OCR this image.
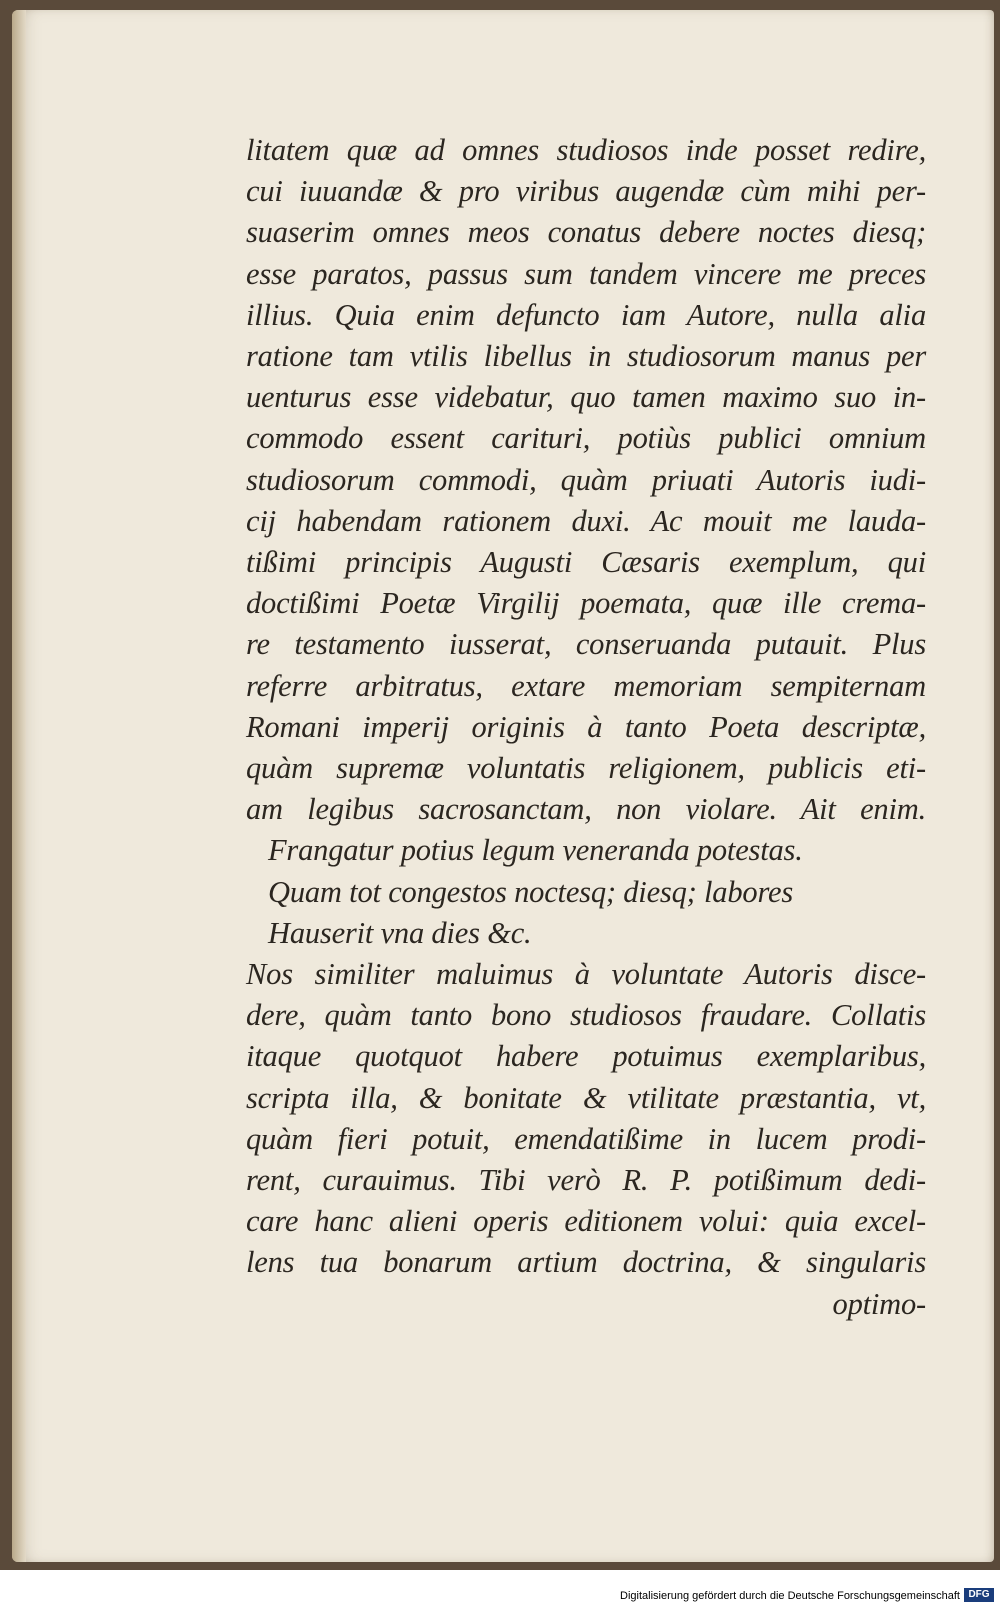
litatem quæ ad omnes studiosos inde posset redire,
cui iuuandæ & pro viribus augendæ cùm mihi per-
suaserim omnes meos conatus debere noctes diesq;
esse paratos, passus sum tandem vincere me preces
illius. Quia enim defuncto iam Autore, nulla alia
ratione tam vtilis libellus in studiosorum manus per
uenturus esse videbatur, quo tamen maximo suo in-
commodo essent cariturі, potiùs publici omnium
studiosorum commodi, quàm priuati Autoris iudi-
cij habendam rationem duxi. Ac mouit me lauda-
tißimi principis Augusti Cæsaris exemplum, qui
doctißimi Poetæ Virgilij poemata, quæ ille crema-
re testamento iusserat, conseruanda putauit. Plus
referre arbitratus, extare memoriam sempiternam
Romani imperij originis à tanto Poeta descriptæ,
quàm supremæ voluntatis religionem, publicis eti-
am legibus sacrosanctam, non violare. Ait enim.
Frangatur potius legum veneranda potestas.
Quam tot congestos noctesq; diesq; labores
Hauserit vna dies &c.
Nos similiter maluimus à voluntate Autoris disce-
dere, quàm tanto bono studiosos fraudare. Collatis
itaque quotquot habere potuimus exemplaribus,
scripta illa, & bonitate & vtilitate præstantia, vt,
quàm fieri potuit, emendatißime in lucem prodi-
rent, curauimus. Tibi verò R. P. potißimum dedi-
care hanc alieni operis editionem volui: quia excel-
lens tua bonarum artium doctrina, & singularis
optimo-
Digitalisierung gefördert durch die Deutsche Forschungsgemeinschaft DFG
